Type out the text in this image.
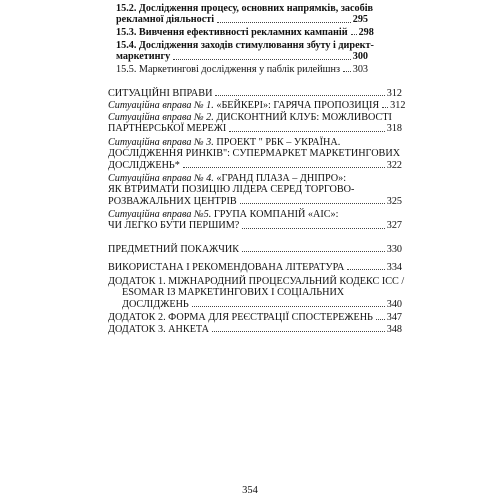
15.2. Дослідження процесу, основних напрямків, засобів
рекламної діяльності	295
15.3. Вивчення ефективності рекламних кампаній 298
15.4. Дослідження заходів стимулювання збуту і директ-
маркетингу	300
15.5. Маркетингові дослідження у паблік рилейшнз 303
СИТУАЦІЙНІ ВПРАВИ	312
Ситуаційна вправа № 1. «БЕЙКЕРІ»: ГАРЯЧА ПРОПОЗИЦІЯ 312
Ситуаційна вправа № 2. ДИСКОНТНИЙ КЛУБ: МОЖЛИВОСТІ
ПАРТНЕРСЬКОЇ МЕРЕЖІ	318
Ситуаційна вправа № 3. ПРОЕКТ " РБК – УКРАЇНА.
ДОСЛІДЖЕННЯ РИНКІВ": СУПЕРМАРКЕТ МАРКЕТИНГОВИХ
ДОСЛІДЖЕНЬ*	322
Ситуаційна вправа № 4. «ГРАНД ПЛАЗА – ДНІПРО»:
ЯК ВТРИМАТИ ПОЗИЦІЮ ЛІДЕРА СЕРЕД ТОРГОВО-
РОЗВАЖАЛЬНИХ ЦЕНТРІВ	325
Ситуаційна вправа №5. ГРУПА КОМПАНІЙ «АІС»:
ЧИ ЛЕГКО БУТИ ПЕРШИМ?	327
ПРЕДМЕТНИЙ ПОКАЖЧИК	330
ВИКОРИСТАНА І РЕКОМЕНДОВАНА ЛІТЕРАТУРА	334
ДОДАТОК 1. МІЖНАРОДНИЙ ПРОЦЕСУАЛЬНИЙ КОДЕКС ICC /
ESOMAR ІЗ МАРКЕТИНГОВИХ І СОЦІАЛЬНИХ
ДОСЛІДЖЕНЬ	340
ДОДАТОК 2. ФОРМА ДЛЯ РЕЄСТРАЦІЇ СПОСТЕРЕЖЕНЬ 347
ДОДАТОК 3. АНКЕТА	348
354
